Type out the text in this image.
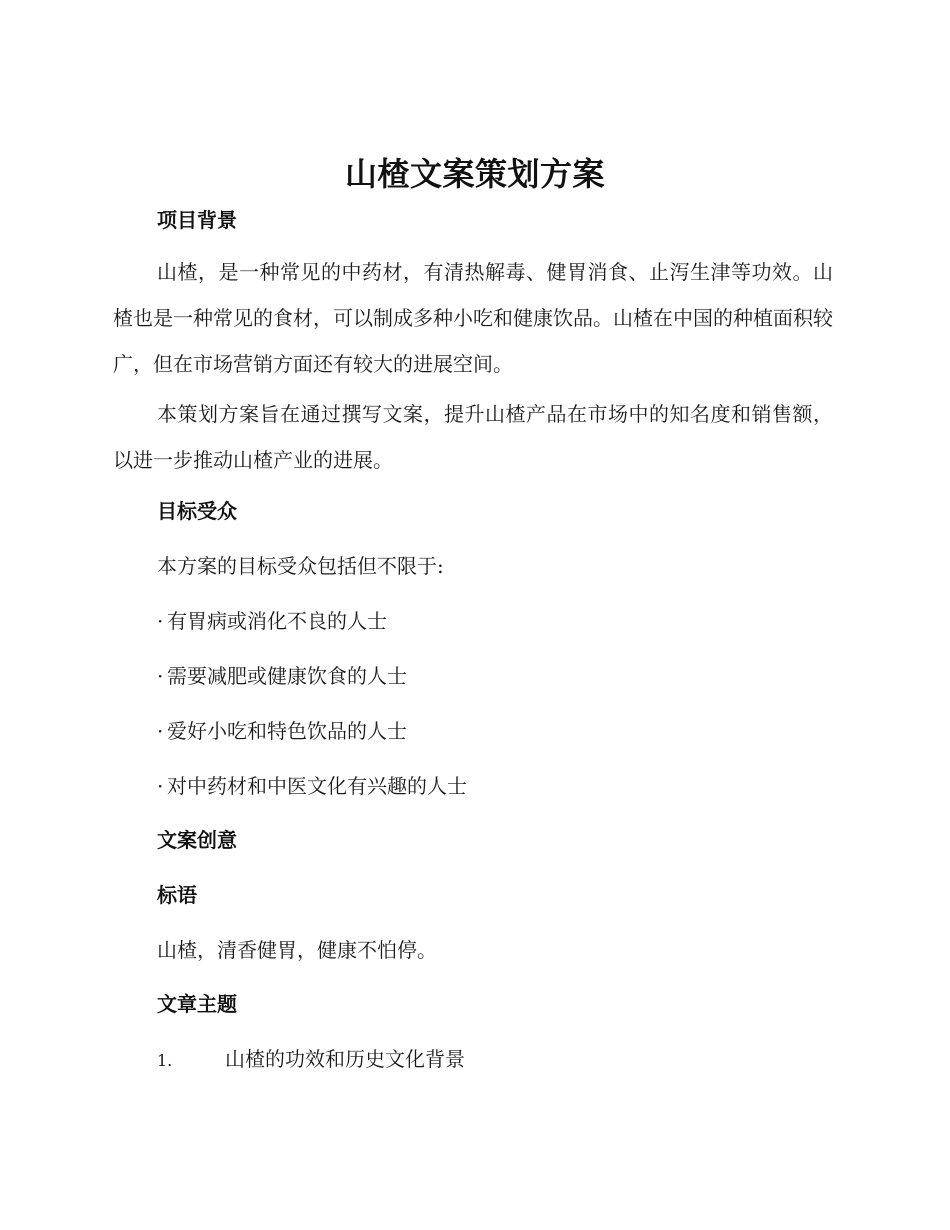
山楂文案策划方案
项目背景

山楂，是一种常见的中药材，有清热解毒、健胃消食、止泻生津等功效。山楂也是一种常见的食材，可以制成多种小吃和健康饮品。山楂在中国的种植面积较广，但在市场营销方面还有较大的进展空间。

本策划方案旨在通过撰写文案，提升山楂产品在市场中的知名度和销售额，以进一步推动山楂产业的进展。

目标受众
本方案的目标受众包括但不限于:
· 有胃病或消化不良的人士
· 需要减肥或健康饮食的人士
· 爱好小吃和特色饮品的人士
· 对中药材和中医文化有兴趣的人士
文案创意
标语
山楂，清香健胃，健康不怕停。
文章主题
1.	山楂的功效和历史文化背景
